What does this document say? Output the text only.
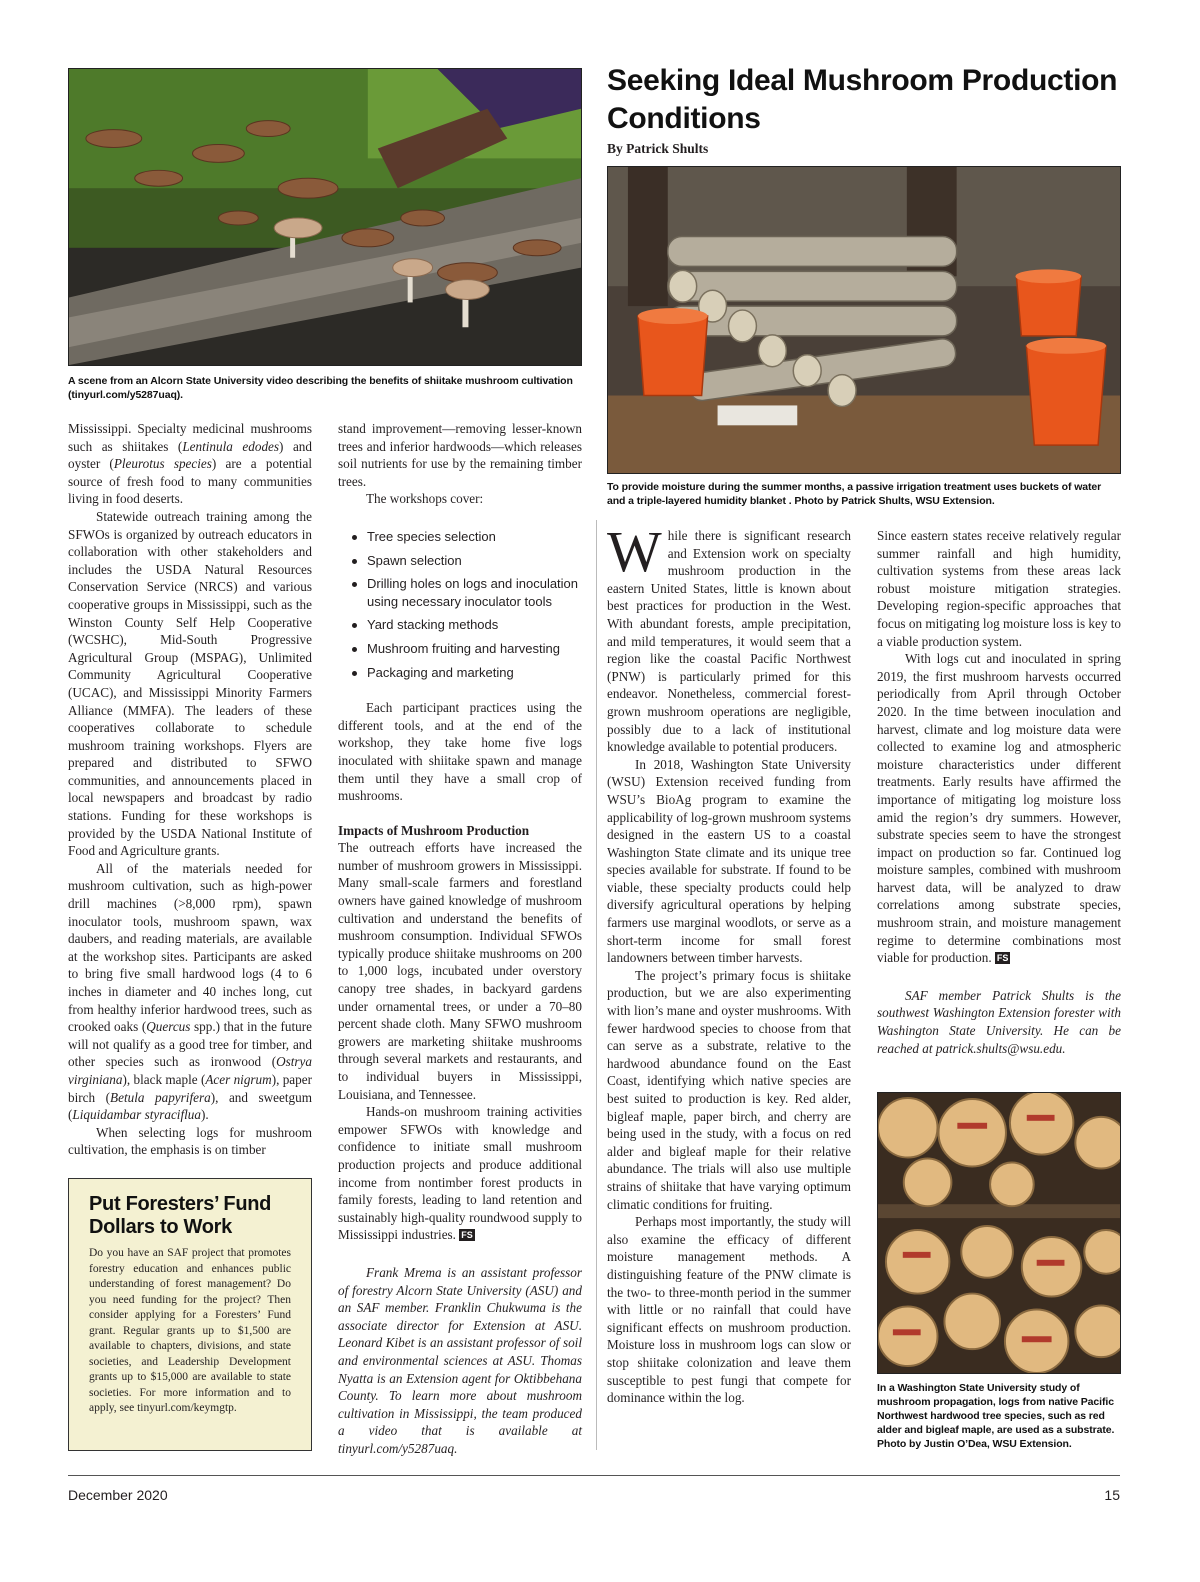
A scene from an Alcorn State University video describing the benefits of shiitake mushroom cultivation (tinyurl.com/y5287uaq).
Seeking Ideal Mushroom Production Conditions
By Patrick Shults
To provide moisture during the summer months, a passive irrigation treatment uses buckets of water and a triple-layered humidity blanket . Photo by Patrick Shults, WSU Extension.

Mississippi. Specialty medicinal mushrooms such as shiitakes (Lentinula edodes) and oyster (Pleurotus species) are a potential source of fresh food to many communities living in food deserts.

Statewide outreach training among the SFWOs is organized by outreach educators in collaboration with other stakeholders and includes the USDA Natural Resources Conservation Service (NRCS) and various cooperative groups in Mississippi, such as the Winston County Self Help Cooperative (WCSHC), Mid-South Progressive Agricultural Group (MSPAG), Unlimited Community Agricultural Cooperative (UCAC), and Mississippi Minority Farmers Alliance (MMFA). The leaders of these cooperatives collaborate to schedule mushroom training workshops. Flyers are prepared and distributed to SFWO communities, and announcements placed in local newspapers and broadcast by radio stations. Funding for these workshops is provided by the USDA National Institute of Food and Agriculture grants.

All of the materials needed for mushroom cultivation, such as high-power drill machines (>8,000 rpm), spawn inoculator tools, mushroom spawn, wax daubers, and reading materials, are available at the workshop sites. Participants are asked to bring five small hardwood logs (4 to 6 inches in diameter and 40 inches long, cut from healthy inferior hardwood trees, such as crooked oaks (Quercus spp.) that in the future will not qualify as a good tree for timber, and other species such as ironwood (Ostrya virginiana), black maple (Acer nigrum), paper birch (Betula papyrifera), and sweetgum (Liquidambar styraciflua).

When selecting logs for mushroom cultivation, the emphasis is on timber

Put Foresters’ Fund Dollars to Work

Do you have an SAF project that promotes forestry education and enhances public understanding of forest management? Do you need funding for the project? Then consider applying for a Foresters’ Fund grant. Regular grants up to $1,500 are available to chapters, divisions, and state societies, and Leadership Development grants up to $15,000 are available to state societies. For more information and to apply, see tinyurl.com/keymgtp.

stand improvement—removing lesser-known trees and inferior hardwoods—which releases soil nutrients for use by the remaining timber trees.

The workshops cover:

Tree species selection
Spawn selection
Drilling holes on logs and inoculation using necessary inoculator tools
Yard stacking methods
Mushroom fruiting and harvesting
Packaging and marketing

Each participant practices using the different tools, and at the end of the workshop, they take home five logs inoculated with shiitake spawn and manage them until they have a small crop of mushrooms.

Impacts of Mushroom Production

The outreach efforts have increased the number of mushroom growers in Mississippi. Many small-scale farmers and forestland owners have gained knowledge of mushroom cultivation and understand the benefits of mushroom consumption. Individual SFWOs typically produce shiitake mushrooms on 200 to 1,000 logs, incubated under overstory canopy tree shades, in backyard gardens under ornamental trees, or under a 70–80 percent shade cloth. Many SFWO mushroom growers are marketing shiitake mushrooms through several markets and restaurants, and to individual buyers in Mississippi, Louisiana, and Tennessee.

Hands-on mushroom training activities empower SFWOs with knowledge and confidence to initiate small mushroom production projects and produce additional income from nontimber forest products in family forests, leading to land retention and sustainably high-quality roundwood supply to Mississippi industries. FS

Frank Mrema is an assistant professor of forestry Alcorn State University (ASU) and an SAF member. Franklin Chukwuma is the associate director for Extension at ASU. Leonard Kibet is an assistant professor of soil and environmental sciences at ASU. Thomas Nyatta is an Extension agent for Oktibbehana County. To learn more about mushroom cultivation in Mississippi, the team produced a video that is available at tinyurl.com/y5287uaq.

While there is significant research and Extension work on specialty mushroom production in the eastern United States, little is known about best practices for production in the West. With abundant forests, ample precipitation, and mild temperatures, it would seem that a region like the coastal Pacific Northwest (PNW) is particularly primed for this endeavor. Nonetheless, commercial forest-grown mushroom operations are negligible, possibly due to a lack of institutional knowledge available to potential producers.

In 2018, Washington State University (WSU) Extension received funding from WSU’s BioAg program to examine the applicability of log-grown mushroom systems designed in the eastern US to a coastal Washington State climate and its unique tree species available for substrate. If found to be viable, these specialty products could help diversify agricultural operations by helping farmers use marginal woodlots, or serve as a short-term income for small forest landowners between timber harvests.

The project’s primary focus is shiitake production, but we are also experimenting with lion’s mane and oyster mushrooms. With fewer hardwood species to choose from that can serve as a substrate, relative to the hardwood abundance found on the East Coast, identifying which native species are best suited to production is key. Red alder, bigleaf maple, paper birch, and cherry are being used in the study, with a focus on red alder and bigleaf maple for their relative abundance. The trials will also use multiple strains of shiitake that have varying optimum climatic conditions for fruiting.

Perhaps most importantly, the study will also examine the efficacy of different moisture management methods. A distinguishing feature of the PNW climate is the two- to three-month period in the summer with little or no rainfall that could have significant effects on mushroom production. Moisture loss in mushroom logs can slow or stop shiitake colonization and leave them susceptible to pest fungi that compete for dominance within the log.

Since eastern states receive relatively regular summer rainfall and high humidity, cultivation systems from these areas lack robust moisture mitigation strategies. Developing region-specific approaches that focus on mitigating log moisture loss is key to a viable production system.

With logs cut and inoculated in spring 2019, the first mushroom harvests occurred periodically from April through October 2020. In the time between inoculation and harvest, climate and log moisture data were collected to examine log and atmospheric moisture characteristics under different treatments. Early results have affirmed the importance of mitigating log moisture loss amid the region’s dry summers. However, substrate species seem to have the strongest impact on production so far. Continued log moisture samples, combined with mushroom harvest data, will be analyzed to draw correlations among substrate species, mushroom strain, and moisture management regime to determine combinations most viable for production. FS

SAF member Patrick Shults is the southwest Washington Extension forester with Washington State University. He can be reached at patrick.shults@wsu.edu.

In a Washington State University study of mushroom propagation, logs from native Pacific Northwest hardwood tree species, such as red alder and bigleaf maple, are used as a substrate. Photo by Justin O’Dea, WSU Extension.
December 2020	15
